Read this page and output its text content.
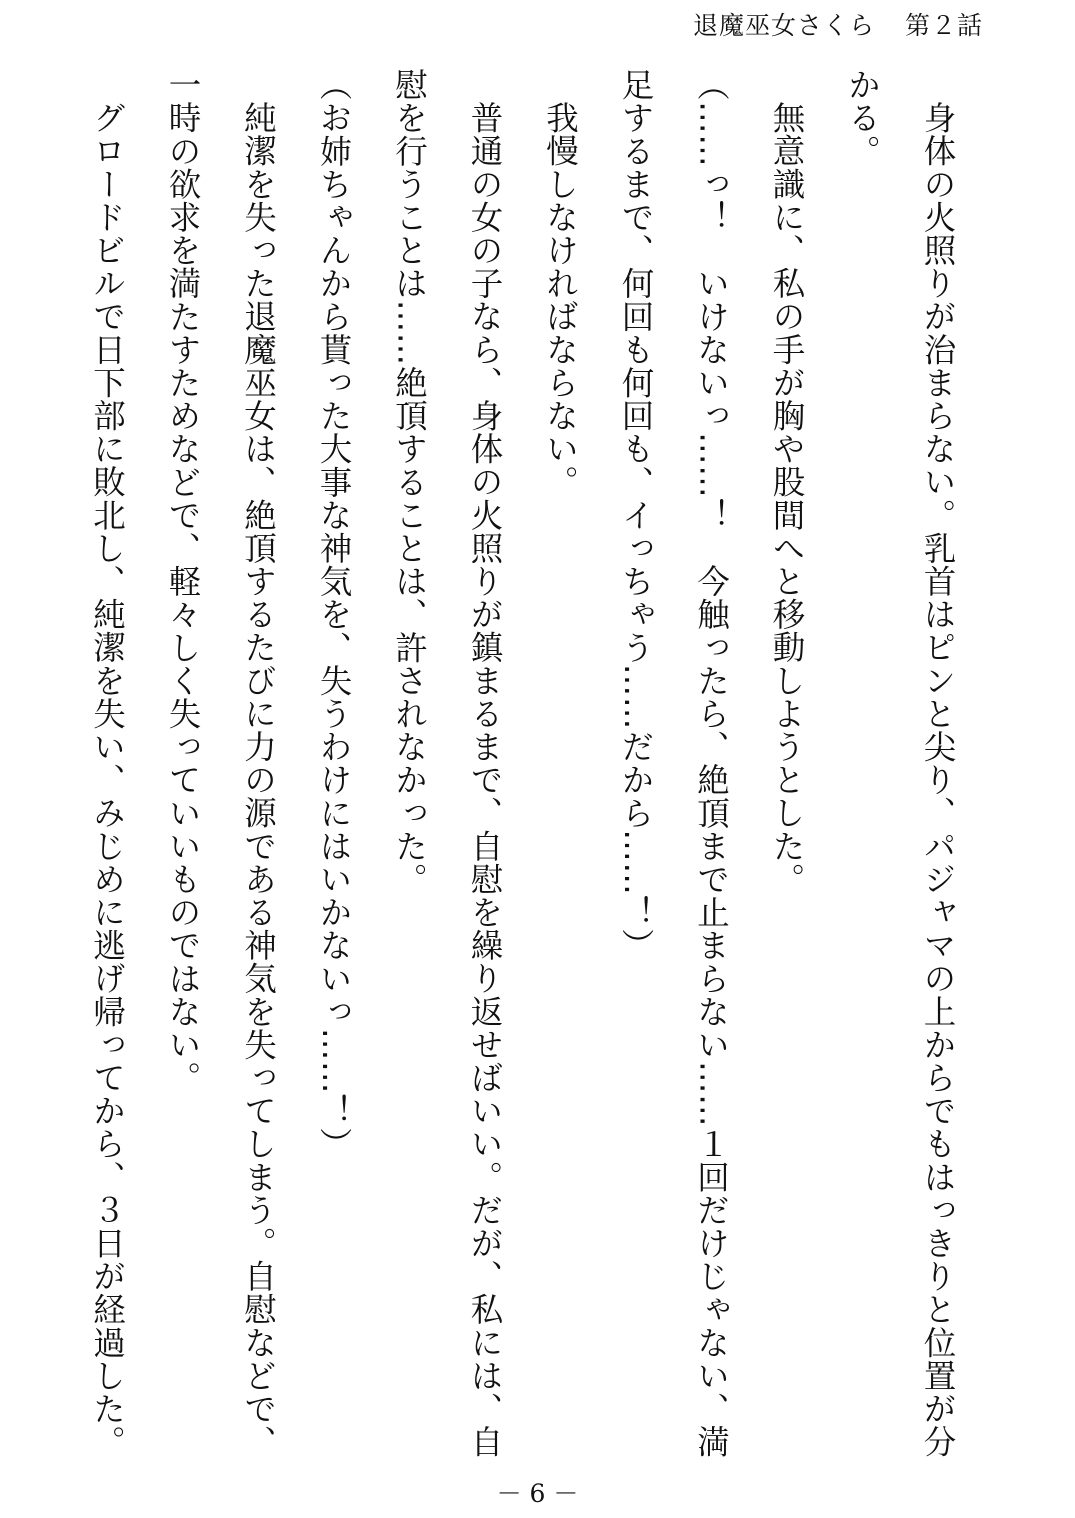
退魔巫女さくら 第２話

身体の火照りが治まらない。乳首はピンと尖り、パジャマの上からでもはっきりと位置が分かる。

無意識に、私の手が胸や股間へと移動しようとした。

（……っ！　いけないっ……！　今触ったら、絶頂まで止まらない……１回だけじゃない、満足するまで、何回も何回も、イっちゃう……だから……！）

我慢しなければならない。

普通の女の子なら、身体の火照りが鎮まるまで、自慰を繰り返せばいい。だが、私には、自慰を行うことは……絶頂することは、許されなかった。

（お姉ちゃんから貰った大事な神気を、失うわけにはいかないっ……！）

純潔を失った退魔巫女は、絶頂するたびに力の源である神気を失ってしまう。自慰などで、一時の欲求を満たすためなどで、軽々しく失っていいものではない。

グロードビルで日下部に敗北し、純潔を失い、みじめに逃げ帰ってから、３日が経過した。

－ 6 －
